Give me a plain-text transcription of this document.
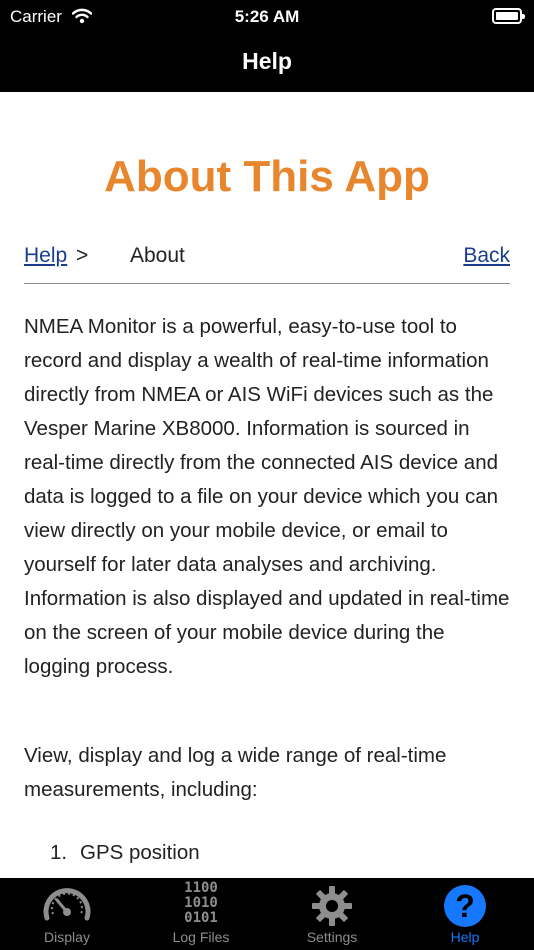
Carrier	5:26 AM
Help
About This App
Help > About	Back

NMEA Monitor is a powerful, easy-to-use tool to record and display a wealth of real-time information directly from NMEA or AIS WiFi devices such as the Vesper Marine XB8000. Information is sourced in real-time directly from the connected AIS device and data is logged to a file on your device which you can view directly on your mobile device, or email to yourself for later data analyses and archiving. Information is also displayed and updated in real-time on the screen of your mobile device during the logging process.

View, display and log a wide range of real-time measurements, including:

1. GPS position
Display
1100
1010
0101
Log Files	Settings
?
Help
